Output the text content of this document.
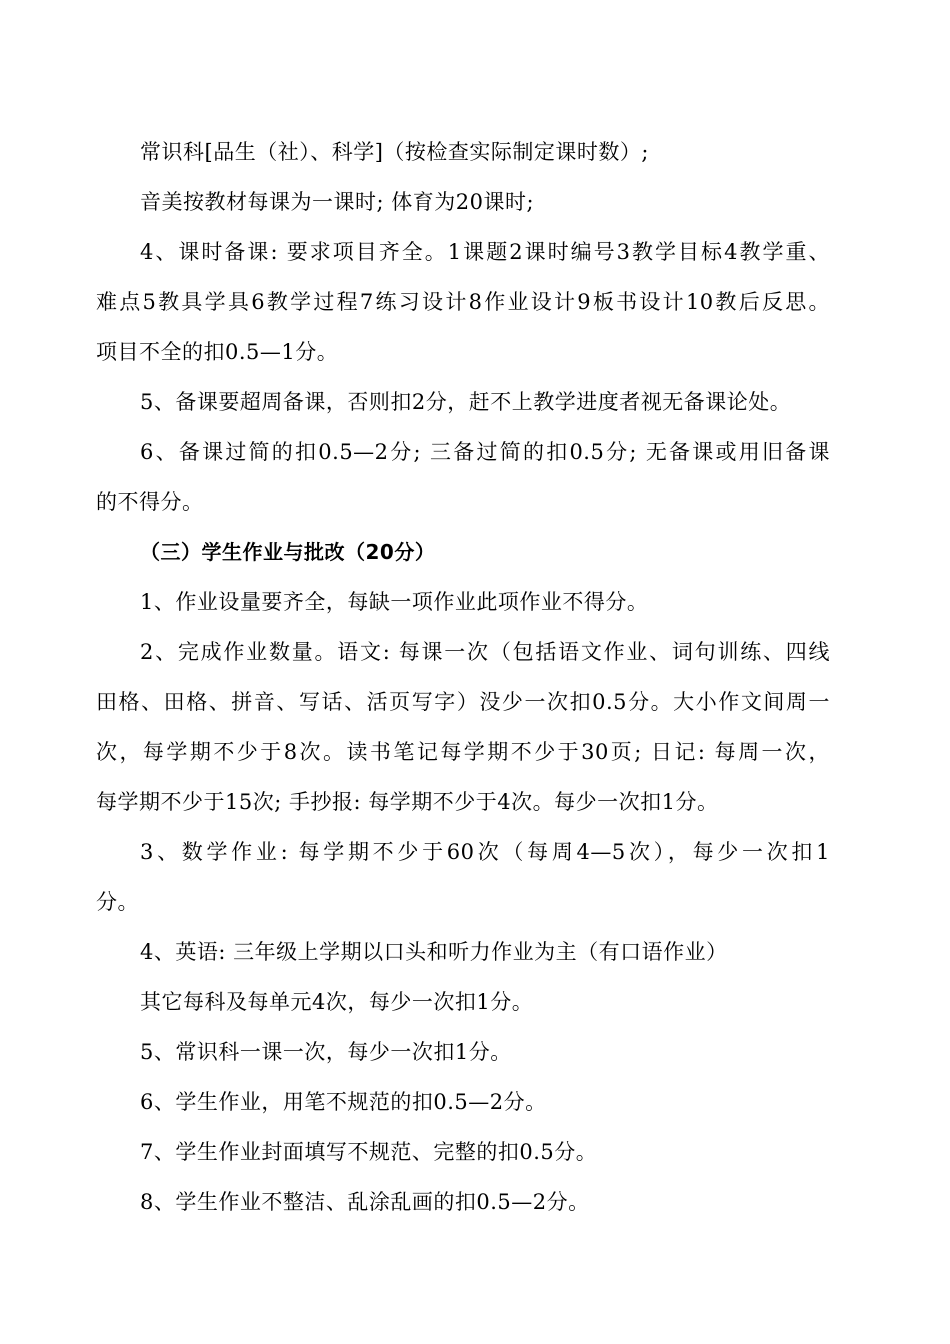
常识科[品生（社）、科学]（按检查实际制定课时数）;
音美按教材每课为一课时; 体育为20课时;
4、课时备课: 要求项目齐全。1课题2课时编号3教学目标4教学重、
难点5教具学具6教学过程7练习设计8作业设计9板书设计10教后反思。
项目不全的扣0.5—1分。
5、备课要超周备课，否则扣2分，赶不上教学进度者视无备课论处。
6、备课过简的扣0.5—2分; 三备过简的扣0.5分; 无备课或用旧备课
的不得分。
（三）学生作业与批改（20分）
1、作业设量要齐全，每缺一项作业此项作业不得分。
2、完成作业数量。语文: 每课一次（包括语文作业、词句训练、四线
田格、田格、拼音、写话、活页写字）没少一次扣0.5分。大小作文间周一
次，每学期不少于8次。读书笔记每学期不少于30页; 日记: 每周一次，
每学期不少于15次; 手抄报: 每学期不少于4次。每少一次扣1分。
3、数学作业: 每学期不少于60次（每周4—5次），每少一次扣1
分。
4、英语: 三年级上学期以口头和听力作业为主（有口语作业）
其它每科及每单元4次，每少一次扣1分。
5、常识科一课一次，每少一次扣1分。
6、学生作业，用笔不规范的扣0.5—2分。
7、学生作业封面填写不规范、完整的扣0.5分。
8、学生作业不整洁、乱涂乱画的扣0.5—2分。
